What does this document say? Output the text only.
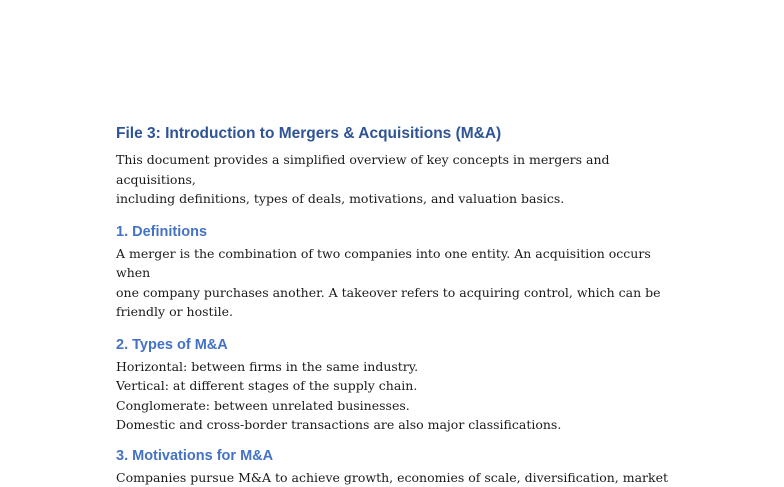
File 3: Introduction to Mergers & Acquisitions (M&A)

This document provides a simplified overview of key concepts in mergers and acquisitions,

including definitions, types of deals, motivations, and valuation basics.

1. Definitions

A merger is the combination of two companies into one entity. An acquisition occurs when

one company purchases another. A takeover refers to acquiring control, which can be

friendly or hostile.

2. Types of M&A

Horizontal: between firms in the same industry.

Vertical: at different stages of the supply chain.

Conglomerate: between unrelated businesses.

Domestic and cross-border transactions are also major classifications.

3. Motivations for M&A

Companies pursue M&A to achieve growth, economies of scale, diversification, market
